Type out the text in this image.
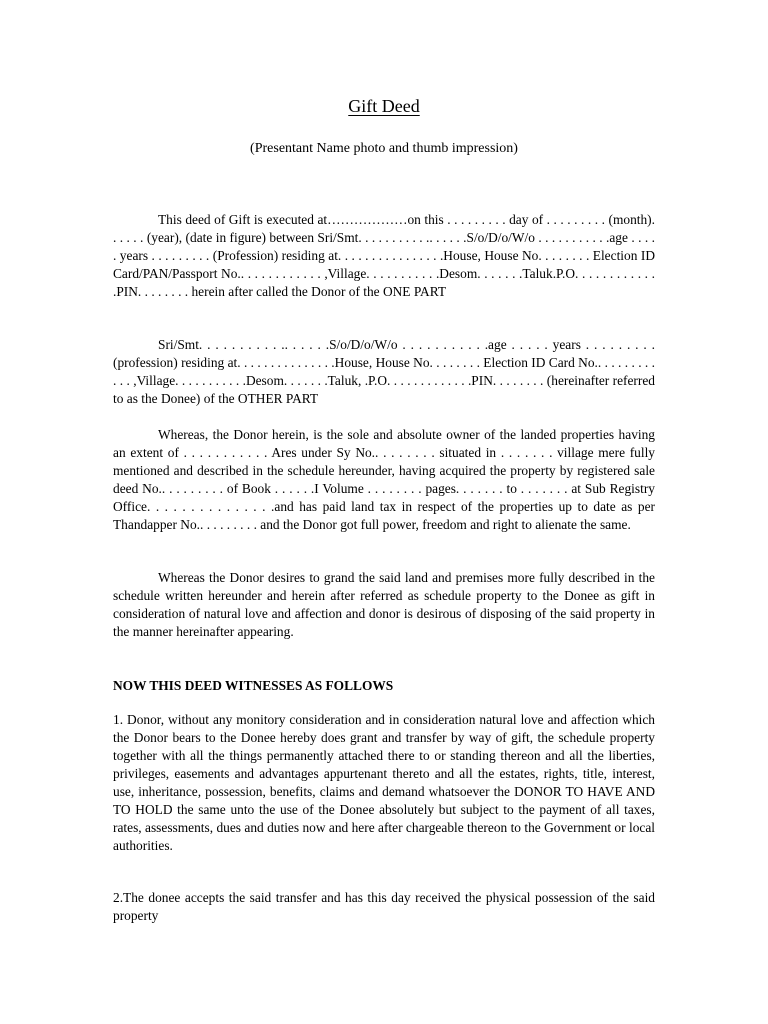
Gift Deed
(Presentant Name photo and thumb impression)

This deed of Gift is executed at………………on this . . . . . . . . . day of . . . . . . . . . (month). . . . . . (year), (date in figure) between Sri/Smt. . . . . . . . . . .. . . . . .S/o/D/o/W/o . . . . . . . . . . .age . . . . . years . . . . . . . . . (Profession) residing at. . . . . . . . . . . . . . . .House, House No. . . . . . . . Election ID Card/PAN/Passport No.. . . . . . . . . . . . ,Village. . . . . . . . . . .Desom. . . . . . .Taluk.P.O. . . . . . . . . . . . .PIN. . . . . . . . herein after called the Donor of the ONE PART

Sri/Smt. . . . . . . . . . .. . . . . .S/o/D/o/W/o . . . . . . . . . . .age . . . . . years . . . . . . . . . (profession) residing at. . . . . . . . . . . . . . .House, House No. . . . . . . . Election ID Card No.. . . . . . . . . . . . ,Village. . . . . . . . . . .Desom. . . . . . .Taluk, .P.O. . . . . . . . . . . . .PIN. . . . . . . . (hereinafter referred to as the Donee) of the OTHER PART

Whereas, the Donor herein, is the sole and absolute owner of the landed properties having an extent of . . . . . . . . . . . Ares under Sy No.. . . . . . . . situated in . . . . . . . village mere fully mentioned and described in the schedule hereunder, having acquired the property by registered sale deed No.. . . . . . . . . of Book . . . . . .I Volume . . . . . . . . pages. . . . . . . to . . . . . . . at Sub Registry Office. . . . . . . . . . . . . . .and has paid land tax in respect of the properties up to date as per Thandapper No.. . . . . . . . . and the Donor got full power, freedom and right to alienate the same.

Whereas the Donor desires to grand the said land and premises more fully described in the schedule written hereunder and herein after referred as schedule property to the Donee as gift in consideration of natural love and affection and donor is desirous of disposing of the said property in the manner hereinafter appearing.

NOW THIS DEED WITNESSES AS FOLLOWS

1. Donor, without any monitory consideration and in consideration natural love and affection which the Donor bears to the Donee hereby does grant and transfer by way of gift, the schedule property together with all the things permanently attached there to or standing thereon and all the liberties, privileges, easements and advantages appurtenant thereto and all the estates, rights, title, interest, use, inheritance, possession, benefits, claims and demand whatsoever the DONOR TO HAVE AND TO HOLD the same unto the use of the Donee absolutely but subject to the payment of all taxes, rates, assessments, dues and duties now and here after chargeable thereon to the Government or local authorities.

2.The donee accepts the said transfer and has this day received the physical possession of the said property
